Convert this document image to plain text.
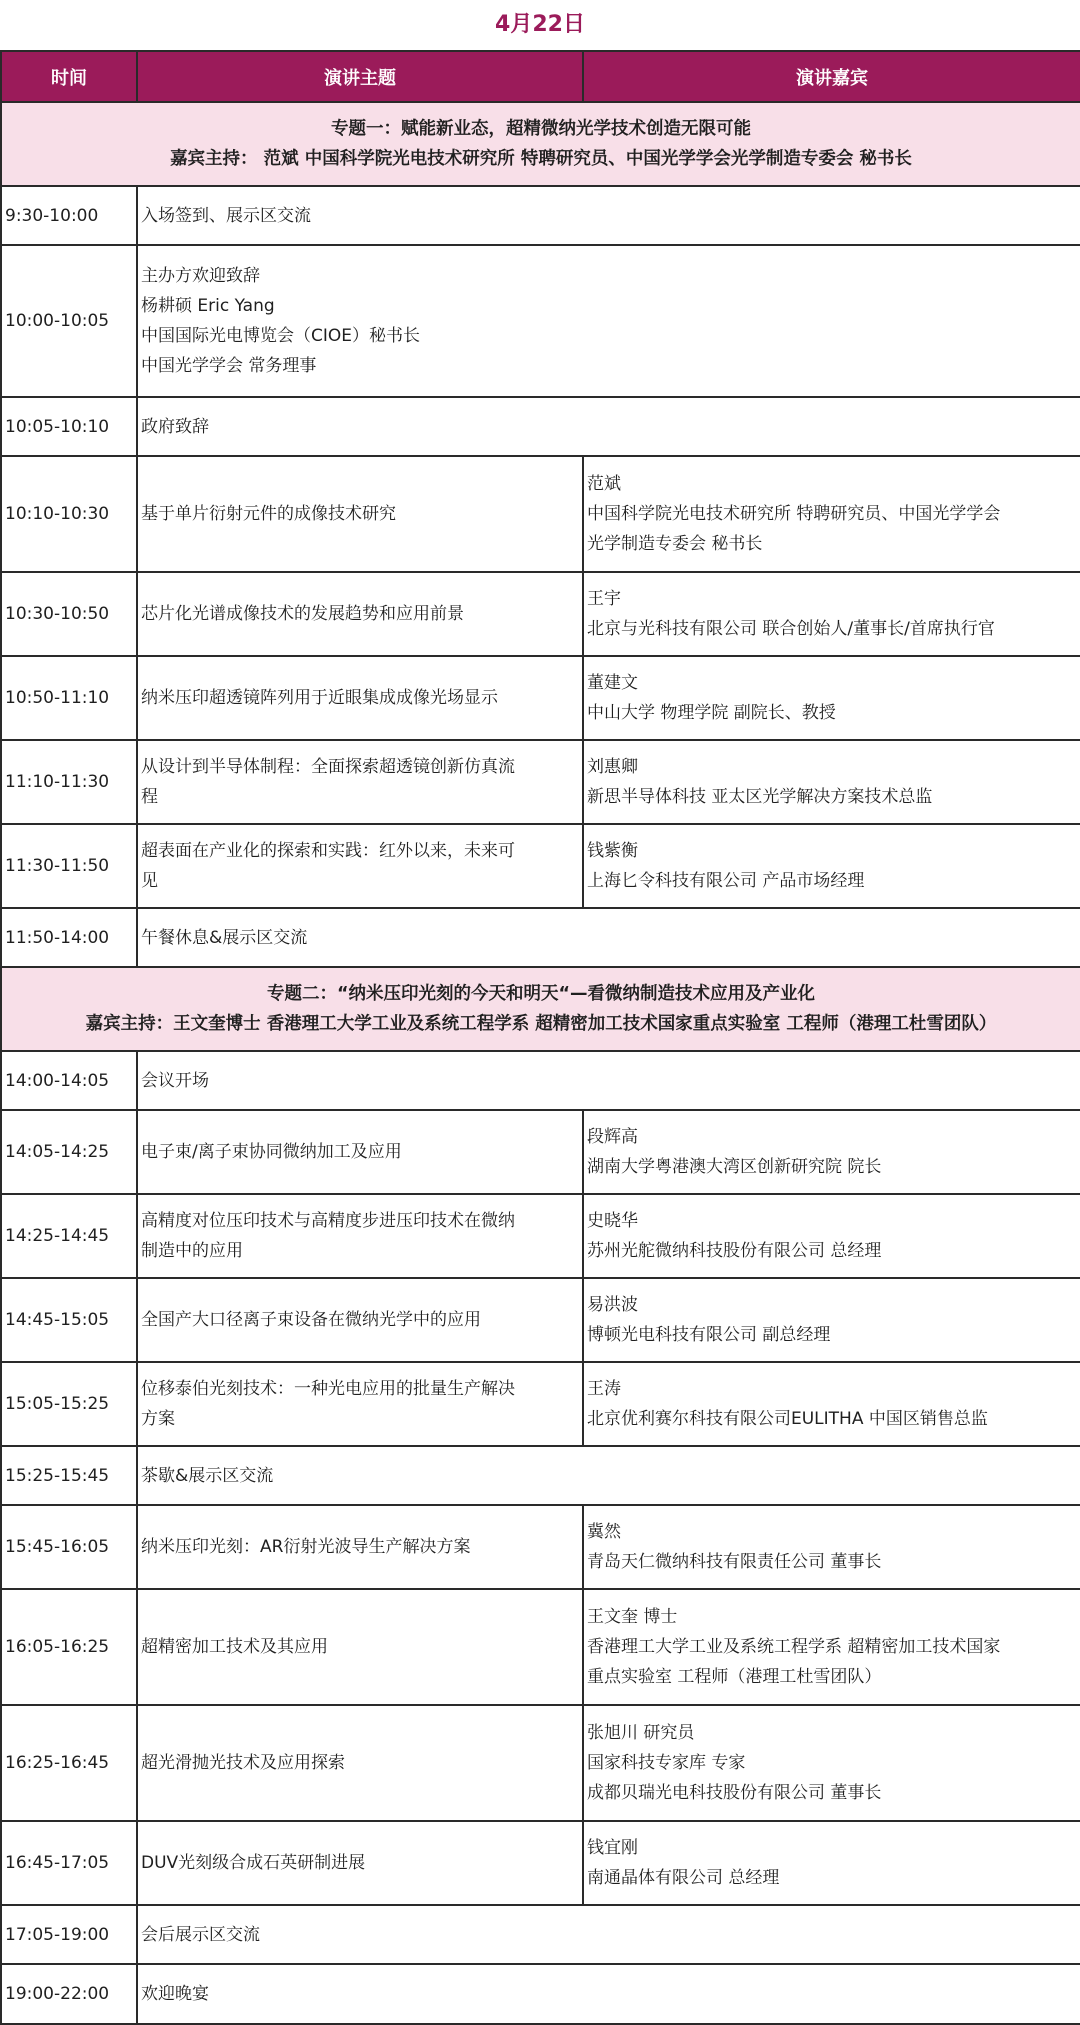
4月22日
时间	演讲主题	演讲嘉宾

专题一：赋能新业态，超精微纳光学技术创造无限可能
嘉宾主持： 范斌 中国科学院光电技术研究所 特聘研究员、中国光学学会光学制造专委会 秘书长		

9:30-10:00	入场签到、展示区交流	

10:00-10:05	主办方欢迎致辞
杨耕硕 Eric Yang
中国国际光电博览会（CIOE）秘书长
中国光学学会 常务理事	

10:05-10:10	政府致辞	

10:10-10:30	基于单片衍射元件的成像技术研究	范斌
中国科学院光电技术研究所 特聘研究员、中国光学学会
光学制造专委会 秘书长

10:30-10:50	芯片化光谱成像技术的发展趋势和应用前景	王宇
北京与光科技有限公司 联合创始人/董事长/首席执行官

10:50-11:10	纳米压印超透镜阵列用于近眼集成成像光场显示	董建文
中山大学 物理学院 副院长、教授

11:10-11:30	从设计到半导体制程：全面探索超透镜创新仿真流
程	刘惠卿
新思半导体科技 亚太区光学解决方案技术总监

11:30-11:50	超表面在产业化的探索和实践：红外以来，未来可
见	钱紫衡
上海匕令科技有限公司 产品市场经理

11:50-14:00	午餐休息&展示区交流	

专题二：“纳米压印光刻的今天和明天“—看微纳制造技术应用及产业化
嘉宾主持：王文奎博士 香港理工大学工业及系统工程学系 超精密加工技术国家重点实验室 工程师（港理工杜雪团队）		

14:00-14:05	会议开场	

14:05-14:25	电子束/离子束协同微纳加工及应用	段辉高
湖南大学粤港澳大湾区创新研究院 院长

14:25-14:45	高精度对位压印技术与高精度步进压印技术在微纳
制造中的应用	史晓华
苏州光舵微纳科技股份有限公司 总经理

14:45-15:05	全国产大口径离子束设备在微纳光学中的应用	易洪波
博顿光电科技有限公司 副总经理

15:05-15:25	位移泰伯光刻技术：一种光电应用的批量生产解决
方案	王涛
北京优利赛尔科技有限公司EULITHA 中国区销售总监

15:25-15:45	茶歇&展示区交流	

15:45-16:05	纳米压印光刻：AR衍射光波导生产解决方案	冀然
青岛天仁微纳科技有限责任公司 董事长

16:05-16:25	超精密加工技术及其应用	王文奎 博士
香港理工大学工业及系统工程学系 超精密加工技术国家
重点实验室 工程师（港理工杜雪团队）

16:25-16:45	超光滑抛光技术及应用探索	张旭川 研究员
国家科技专家库 专家
成都贝瑞光电科技股份有限公司 董事长

16:45-17:05	DUV光刻级合成石英研制进展	钱宜刚
南通晶体有限公司 总经理

17:05-19:00	会后展示区交流	

19:00-22:00	欢迎晚宴	
